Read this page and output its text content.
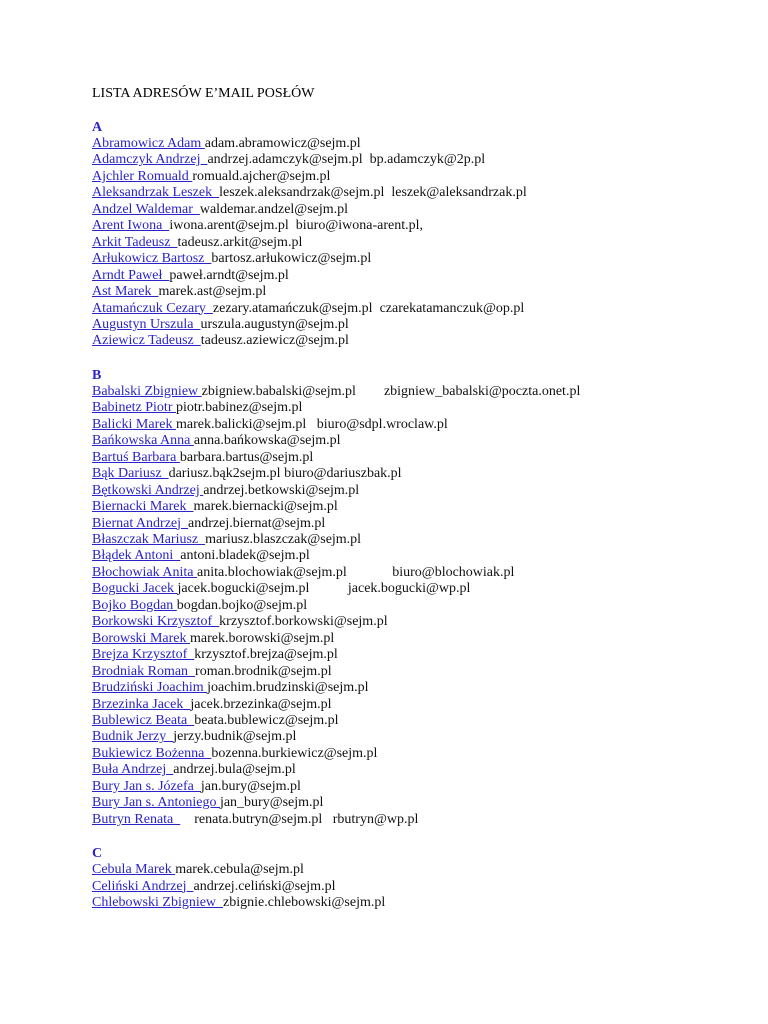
LISTA ADRESÓW E’MAIL POSŁÓW

A

Abramowicz Adam adam.abramowicz@sejm.pl
Adamczyk Andrzej  andrzej.adamczyk@sejm.pl  bp.adamczyk@2p.pl
Ajchler Romuald romuald.ajcher@sejm.pl
Aleksandrzak Leszek  leszek.aleksandrzak@sejm.pl  leszek@aleksandrzak.pl
Andzel Waldemar  waldemar.andzel@sejm.pl
Arent Iwona  iwona.arent@sejm.pl  biuro@iwona-arent.pl,
Arkit Tadeusz  tadeusz.arkit@sejm.pl
Arłukowicz Bartosz  bartosz.arłukowicz@sejm.pl
Arndt Paweł  paweł.arndt@sejm.pl
Ast Marek  marek.ast@sejm.pl
Atamańczuk Cezary  zezary.atamańczuk@sejm.pl  czarekatamanczuk@op.pl
Augustyn Urszula  urszula.augustyn@sejm.pl
Aziewicz Tadeusz  tadeusz.aziewicz@sejm.pl

B

Babalski Zbigniew zbigniew.babalski@sejm.pl        zbigniew_babalski@poczta.onet.pl
Babinetz Piotr piotr.babinez@sejm.pl
Balicki Marek marek.balicki@sejm.pl   biuro@sdpl.wroclaw.pl
Bańkowska Anna anna.bańkowska@sejm.pl
Bartuś Barbara barbara.bartus@sejm.pl
Bąk Dariusz  dariusz.bąk2sejm.pl biuro@dariuszbak.pl
Bętkowski Andrzej andrzej.betkowski@sejm.pl
Biernacki Marek  marek.biernacki@sejm.pl
Biernat Andrzej  andrzej.biernat@sejm.pl
Błaszczak Mariusz  mariusz.blaszczak@sejm.pl
Błądek Antoni  antoni.bladek@sejm.pl
Błochowiak Anita anita.blochowiak@sejm.pl             biuro@blochowiak.pl
Bogucki Jacek jacek.bogucki@sejm.pl           jacek.bogucki@wp.pl
Bojko Bogdan bogdan.bojko@sejm.pl
Borkowski Krzysztof  krzysztof.borkowski@sejm.pl
Borowski Marek marek.borowski@sejm.pl
Brejza Krzysztof  krzysztof.brejza@sejm.pl
Brodniak Roman  roman.brodnik@sejm.pl
Brudziński Joachim joachim.brudzinski@sejm.pl
Brzezinka Jacek  jacek.brzezinka@sejm.pl
Bublewicz Beata  beata.bublewicz@sejm.pl
Budnik Jerzy  jerzy.budnik@sejm.pl
Bukiewicz Bożenna  bozenna.burkiewicz@sejm.pl
Buła Andrzej  andrzej.bula@sejm.pl
Bury Jan s. Józefa  jan.bury@sejm.pl
Bury Jan s. Antoniego jan_bury@sejm.pl
Butryn Renata      renata.butryn@sejm.pl   rbutryn@wp.pl

C

Cebula Marek marek.cebula@sejm.pl
Celiński Andrzej  andrzej.celiński@sejm.pl
Chlebowski Zbigniew  zbignie.chlebowski@sejm.pl
